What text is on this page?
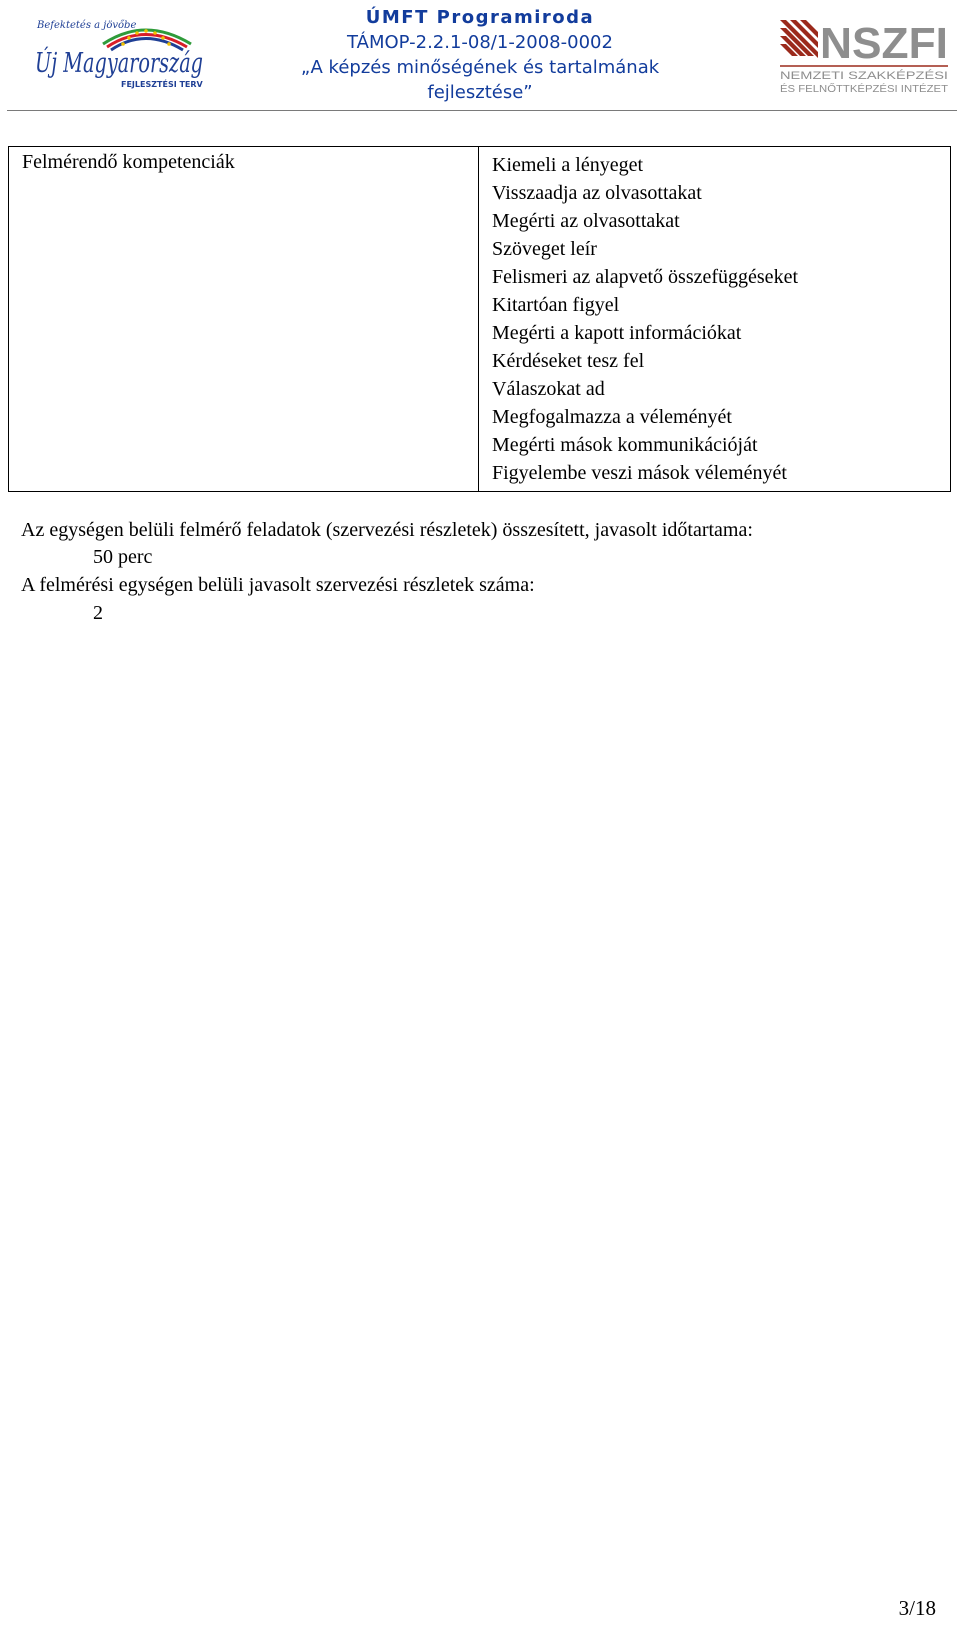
Befektetés a jövőbe
Új Magyarország
FEJLESZTÉSI TERV
ÚMFT Programiroda
TÁMOP-2.2.1-08/1-2008-0002
„A képzés minőségének és tartalmának
fejlesztése”
NSZFI
NEMZETI SZAKKÉPZÉSI
ÉS FELNŐTTKÉPZÉSI INTÉZET
Felmérendő kompetenciák	Kiemeli a lényeget
Visszaadja az olvasottakat
Megérti az olvasottakat
Szöveget leír
Felismeri az alapvető összefüggéseket
Kitartóan figyel
Megérti a kapott információkat
Kérdéseket tesz fel
Válaszokat ad
Megfogalmazza a véleményét
Megérti mások kommunikációját
Figyelembe veszi mások véleményét
Az egységen belüli felmérő feladatok (szervezési részletek) összesített, javasolt időtartama:
50 perc
A felmérési egységen belüli javasolt szervezési részletek száma:
2
3/18
